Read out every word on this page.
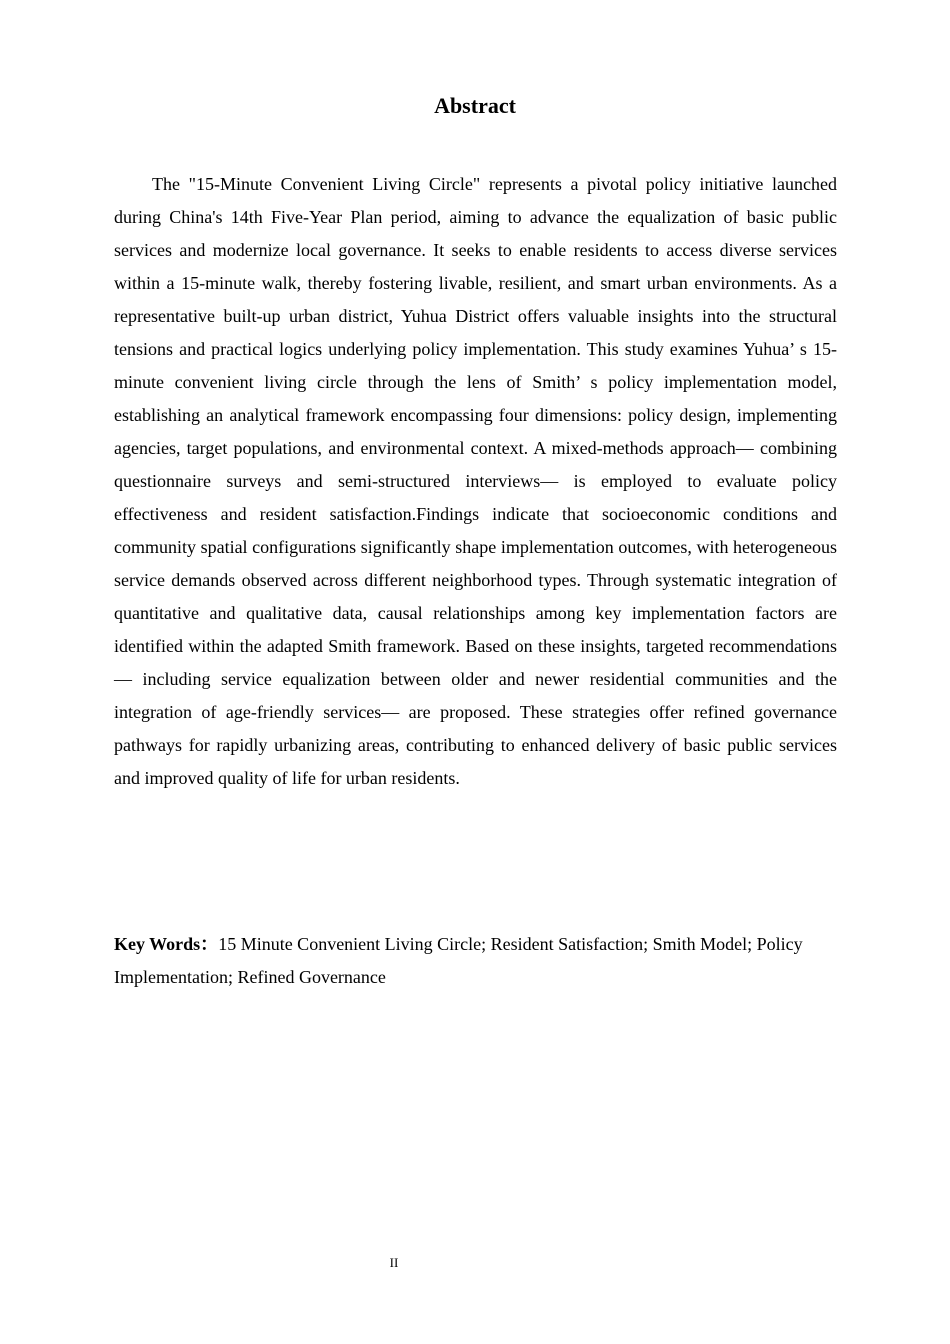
Abstract

The "15-Minute Convenient Living Circle" represents a pivotal policy initiative launched during China's 14th Five-Year Plan period, aiming to advance the equalization of basic public services and modernize local governance. It seeks to enable residents to access diverse services within a 15-minute walk, thereby fostering livable, resilient, and smart urban environments. As a representative built-up urban district, Yuhua District offers valuable insights into the structural tensions and practical logics underlying policy implementation. This study examines Yuhua’ s 15-minute convenient living circle through the lens of Smith’ s policy implementation model, establishing an analytical framework encompassing four dimensions: policy design, implementing agencies, target populations, and environmental context. A mixed-methods approach— combining questionnaire surveys and semi-structured interviews— is employed to evaluate policy effectiveness and resident satisfaction.Findings indicate that socioeconomic conditions and community spatial configurations significantly shape implementation outcomes, with heterogeneous service demands observed across different neighborhood types. Through systematic integration of quantitative and qualitative data, causal relationships among key implementation factors are identified within the adapted Smith framework. Based on these insights, targeted recommendations— including service equalization between older and newer residential communities and the integration of age-friendly services— are proposed. These strategies offer refined governance pathways for rapidly urbanizing areas, contributing to enhanced delivery of basic public services and improved quality of life for urban residents.

Key Words：15 Minute Convenient Living Circle; Resident Satisfaction; Smith Model; Policy Implementation; Refined Governance

II
